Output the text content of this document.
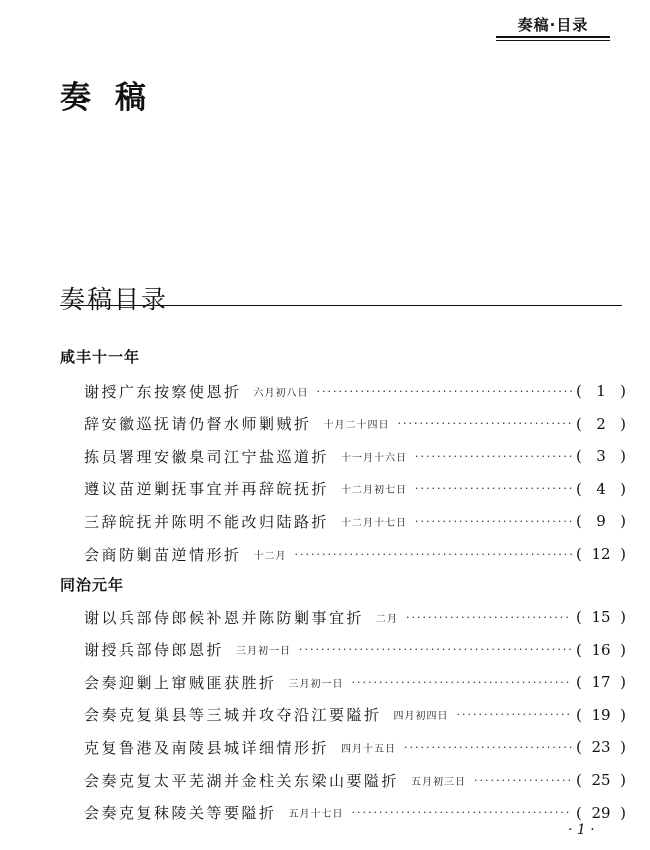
奏稿·目录
奏稿
奏稿目录
咸丰十一年
谢授广东按察使恩折 六月初八日 ·····	( 1 )
辞安徽巡抚请仍督水师剿贼折 十月二十四日 ·····	( 2 )
拣员署理安徽臬司江宁盐巡道折 十一月十六日 ·····	( 3 )
遵议苗逆剿抚事宜并再辞皖抚折 十二月初七日 ·····	( 4 )
三辞皖抚并陈明不能改归陆路折 十二月十七日 ·····	( 9 )
会商防剿苗逆情形折 十二月 ·····	( 12 )
同治元年
谢以兵部侍郎候补恩并陈防剿事宜折 二月 ·····	( 15 )
谢授兵部侍郎恩折 三月初一日 ·····	( 16 )
会奏迎剿上窜贼匪获胜折 三月初一日 ·····	( 17 )
会奏克复巢县等三城并攻夺沿江要隘折 四月初四日 ·····	( 19 )
克复鲁港及南陵县城详细情形折 四月十五日 ·····	( 23 )
会奏克复太平芜湖并金柱关东梁山要隘折 五月初三日 ·····	( 25 )
会奏克复秣陵关等要隘折 五月十七日 ·····	( 29 )
· 1 ·
